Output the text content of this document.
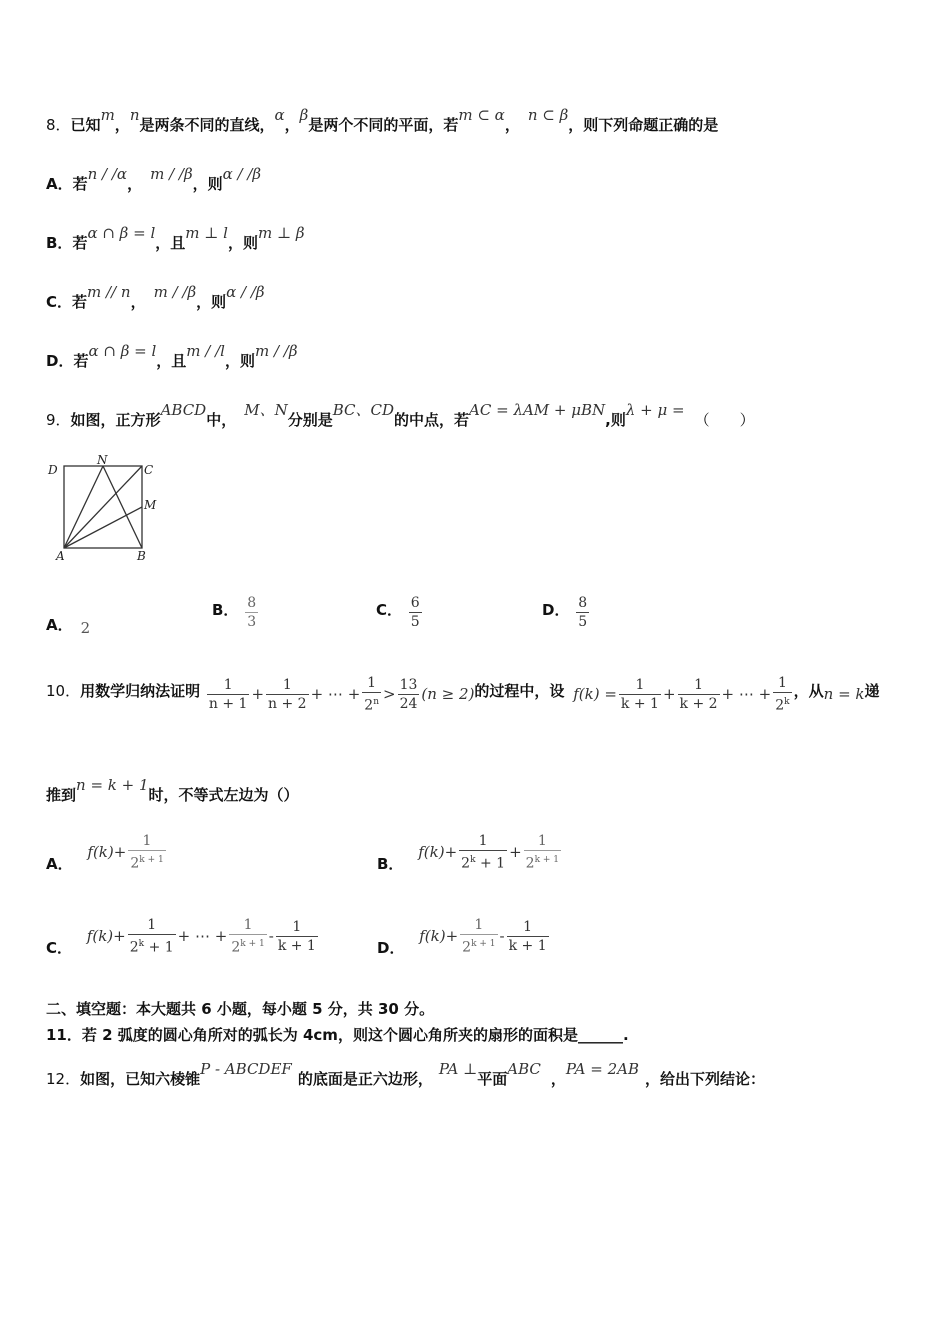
8．已知m，n是两条不同的直线，α，β是两个不同的平面，若m ⊂ α，n ⊂ β，则下列命题正确的是
A．若n / /α，m / /β，则α / /β
B．若α ∩ β = l，且m ⊥ l，则m ⊥ β
C．若m // n，m / /β，则α / /β
D．若α ∩ β = l，且m / /l，则m / /β
9．如图，正方形ABCD中，M、N分别是BC、CD的中点，若AC = λAM + μBN,则λ + μ =（　　）
D
N
C
M
A	B
A． 2
B． $\frac{8}{3}$	C． $\frac{6}{5}$	D． $\frac{8}{5}$
10．用数学归纳法证明 $\frac{1}{n + 1} + \frac{1}{n + 2}$ + ⋯ + $\frac{1}{2^n} > \frac{13}{24} (n \ge 2)$的过程中，设 $f(k) = \frac{1}{k + 1} + \frac{1}{k + 2}$ + ⋯ + $\frac{1}{2^k}$ ，从n = k递
推到n = k + 1时，不等式左边为（）
A． $f(k)+ \frac{1}{2^{k + 1}}$	B． $f(k)+ \frac{1}{2^k + 1} + \frac{1}{2^{k + 1}}$
C． $f(k)+ \frac{1}{2^k + 1}$ + ⋯ + $\frac{1}{2^{k + 1}} - \frac{1}{k + 1}$	D． $f(k)+ \frac{1}{2^{k + 1}} - \frac{1}{k + 1}$
二、填空题：本大题共 6 小题，每小题 5 分，共 30 分。
11．若 2 弧度的圆心角所对的弧长为 4cm，则这个圆心角所夹的扇形的面积是______.
12．如图，已知六棱锥P - ABCDEF的底面是正六边形，PA ⊥平面ABC，PA = 2AB，给出下列结论：
